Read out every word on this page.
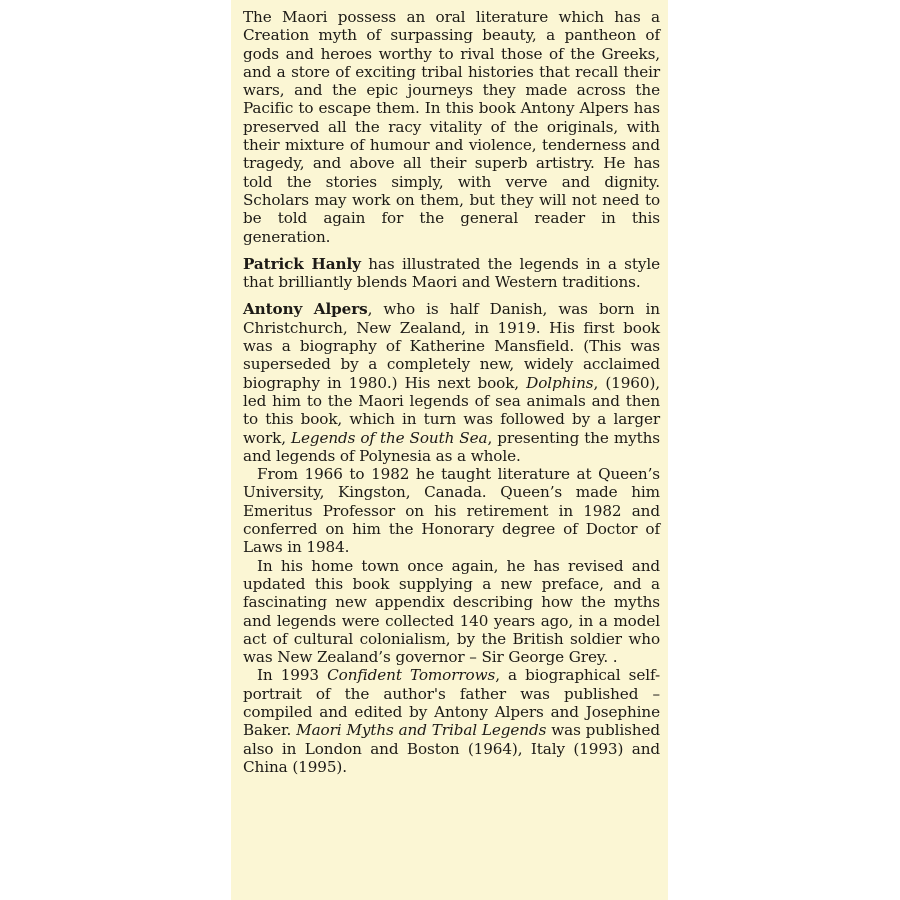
The Maori possess an oral literature which has a Creation myth of surpassing beauty, a pantheon of gods and heroes worthy to rival those of the Greeks, and a store of exciting tribal histories that recall their wars, and the epic journeys they made across the Pacific to escape them. In this book Antony Alpers has preserved all the racy vitality of the originals, with their mixture of humour and violence, tenderness and tragedy, and above all their superb artistry. He has told the stories simply, with verve and dignity. Scholars may work on them, but they will not need to be told again for the general reader in this generation.

Patrick Hanly has illustrated the legends in a style that brilliantly blends Maori and Western traditions.

Antony Alpers, who is half Danish, was born in Christchurch, New Zealand, in 1919. His first book was a biography of Katherine Mansfield. (This was superseded by a completely new, widely acclaimed biography in 1980.) His next book, Dolphins, (1960), led him to the Maori legends of sea animals and then to this book, which in turn was followed by a larger work, Legends of the South Sea, presenting the myths and legends of Polynesia as a whole.

From 1966 to 1982 he taught literature at Queen’s University, Kingston, Canada. Queen’s made him Emeritus Professor on his retirement in 1982 and conferred on him the Honorary degree of Doctor of Laws in 1984.

In his home town once again, he has revised and updated this book supplying a new preface, and a fascinating new appendix describing how the myths and legends were collected 140 years ago, in a model act of cultural colonialism, by the British soldier who was New Zealand’s governor – Sir George Grey. .

In 1993 Confident Tomorrows, a biographical self-portrait of the author's father was published – compiled and edited by Antony Alpers and Josephine Baker. Maori Myths and Tribal Legends was published also in London and Boston (1964), Italy (1993) and China (1995).
